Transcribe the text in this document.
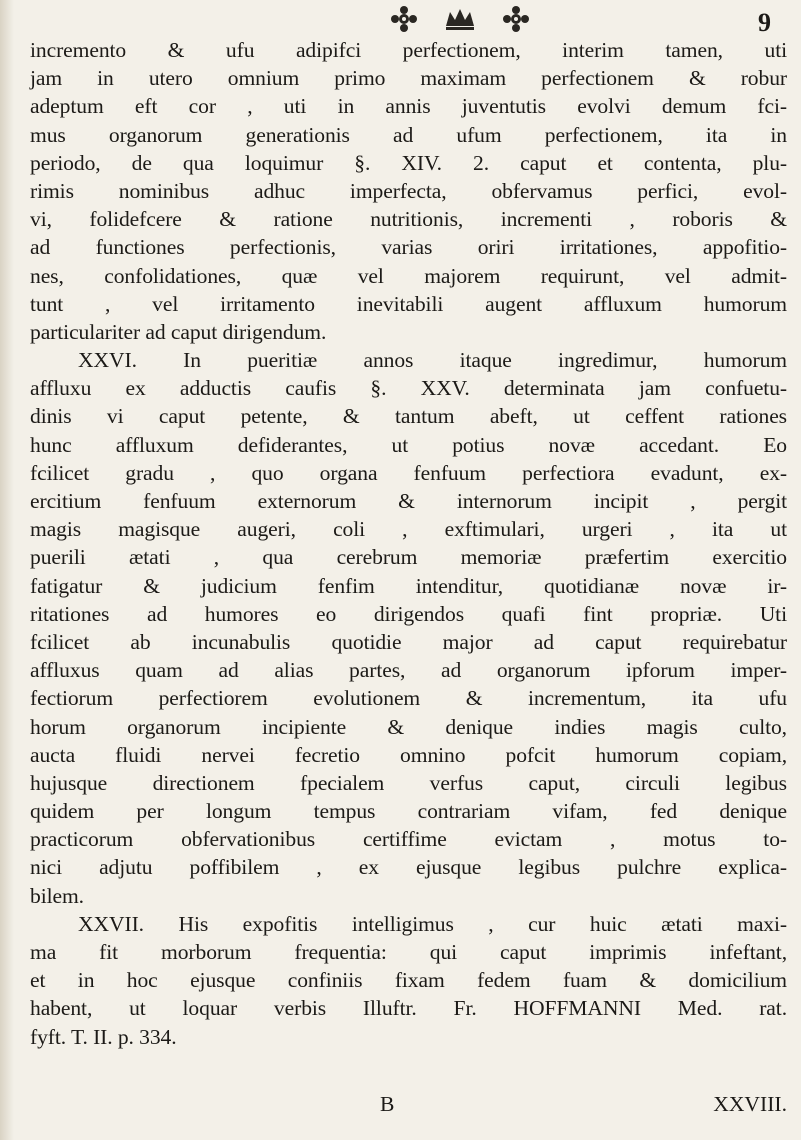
9
incremento & ufu adipifci perfectionem, interim tamen, uti
jam in utero omnium primo maximam perfectionem & robur
adeptum eft cor , uti in annis juventutis evolvi demum fci-
mus organorum generationis ad ufum perfectionem, ita in
periodo, de qua loquimur §. XIV. 2. caput et contenta, plu-
rimis nominibus adhuc imperfecta, obfervamus perfici, evol-
vi, folidefcere & ratione nutritionis, incrementi , roboris &
ad functiones perfectionis, varias oriri irritationes, appofitio-
nes, confolidationes, quæ vel majorem requirunt, vel admit-
tunt , vel irritamento inevitabili augent affluxum humorum
particulariter ad caput dirigendum.
XXVI. In pueritiæ annos itaque ingredimur, humorum
affluxu ex adductis caufis §. XXV. determinata jam confuetu-
dinis vi caput petente, & tantum abeft, ut ceffent rationes
hunc affluxum defiderantes, ut potius novæ accedant. Eo
fcilicet gradu , quo organa fenfuum perfectiora evadunt, ex-
ercitium fenfuum externorum & internorum incipit , pergit
magis magisque augeri, coli , exftimulari, urgeri , ita ut
puerili ætati , qua cerebrum memoriæ præfertim exercitio
fatigatur & judicium fenfim intenditur, quotidianæ novæ ir-
ritationes ad humores eo dirigendos quafi fint propriæ. Uti
fcilicet ab incunabulis quotidie major ad caput requirebatur
affluxus quam ad alias partes, ad organorum ipforum imper-
fectiorum perfectiorem evolutionem & incrementum, ita ufu
horum organorum incipiente & denique indies magis culto,
aucta fluidi nervei fecretio omnino pofcit humorum copiam,
hujusque directionem fpecialem verfus caput, circuli legibus
quidem per longum tempus contrariam vifam, fed denique
practicorum obfervationibus certiffime evictam , motus to-
nici adjutu poffibilem , ex ejusque legibus pulchre explica-
bilem.
XXVII. His expofitis intelligimus , cur huic ætati maxi-
ma fit morborum frequentia: qui caput imprimis infeftant,
et in hoc ejusque confiniis fixam fedem fuam & domicilium
habent, ut loquar verbis Illuftr. Fr. HOFFMANNI Med. rat.
fyft. T. II. p. 334.
B	XXVIII.
